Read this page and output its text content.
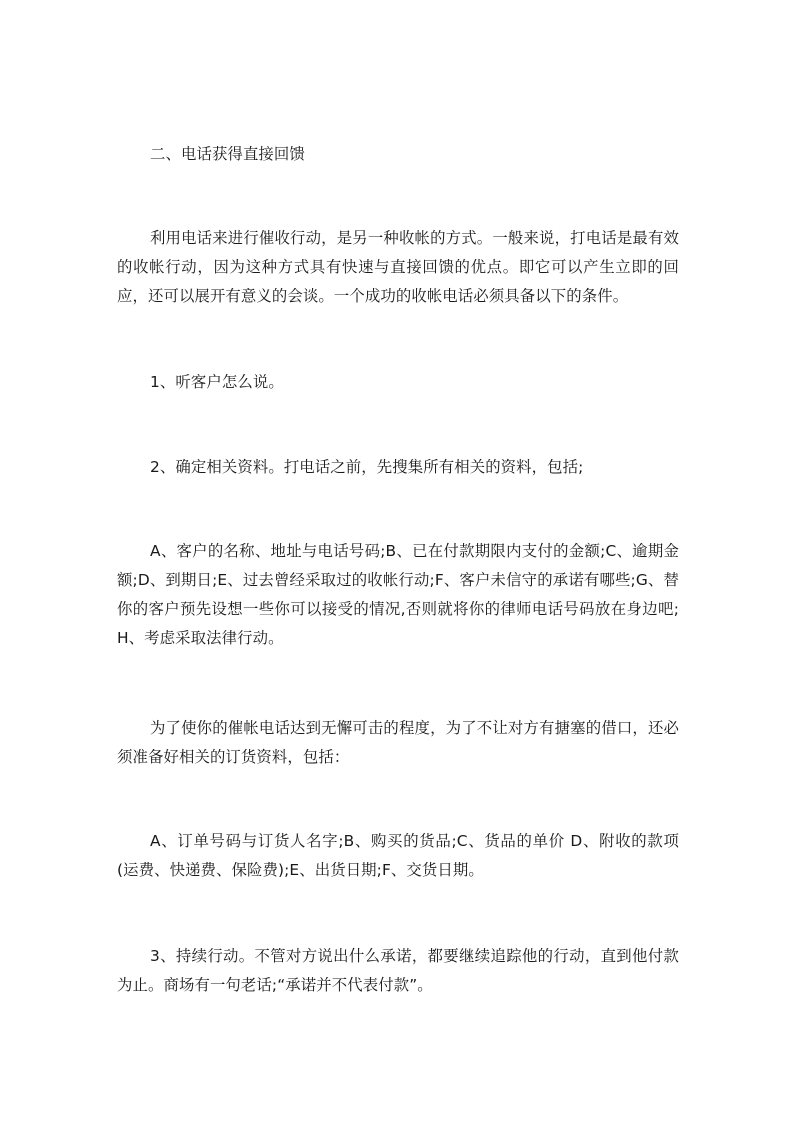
二、电话获得直接回馈

利用电话来进行催收行动，是另一种收帐的方式。一般来说，打电话是最有效的收帐行动，因为这种方式具有快速与直接回馈的优点。即它可以产生立即的回应，还可以展开有意义的会谈。一个成功的收帐电话必须具备以下的条件。

1、听客户怎么说。

2、确定相关资料。打电话之前，先搜集所有相关的资料，包括;

A、客户的名称、地址与电话号码;B、已在付款期限内支付的金额;C、逾期金额;D、到期日;E、过去曾经采取过的收帐行动;F、客户未信守的承诺有哪些;G、替你的客户预先设想一些你可以接受的情况,否则就将你的律师电话号码放在身边吧;H、考虑采取法律行动。

为了使你的催帐电话达到无懈可击的程度，为了不让对方有搪塞的借口，还必须准备好相关的订货资料，包括：

A、订单号码与订货人名字;B、购买的货品;C、货品的单价 D、附收的款项(运费、快递费、保险费);E、出货日期;F、交货日期。

3、持续行动。不管对方说出什么承诺，都要继续追踪他的行动，直到他付款为止。商场有一句老话;“承诺并不代表付款”。
